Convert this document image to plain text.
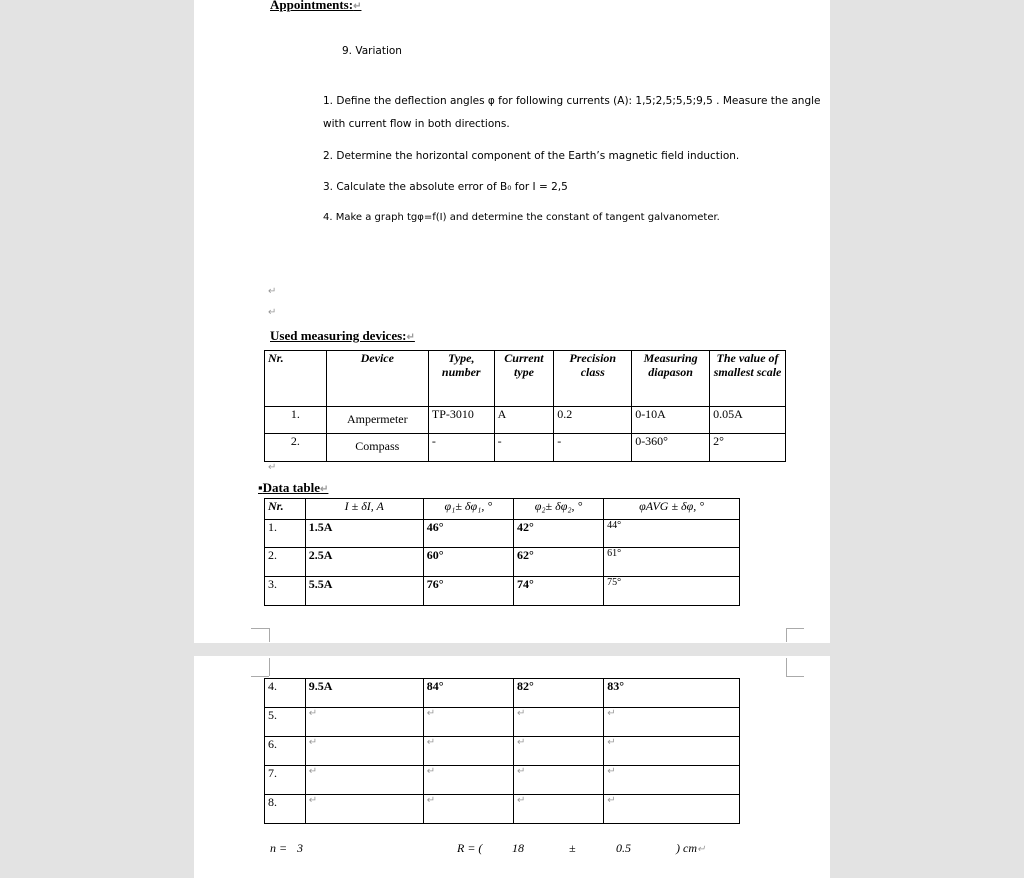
Appointments:↵
9. Variation
1. Define the deflection angles φ for following currents (A): 1,5;2,5;5,5;9,5 . Measure the angle
with current flow in both directions.
2. Determine the horizontal component of the Earth’s magnetic field induction.
3. Calculate the absolute error of B₀ for I = 2,5
4. Make a graph tgφ=f(I) and determine the constant of tangent galvanometer.
↵
↵
Used measuring devices:↵
Nr.	Device	Type, number	Current type	Precision class	Measuring diapason	The value of smallest scale
1.	Ampermeter	TP-3010	A	0.2	0-10A	0.05A
2.	Compass	-	-	-	0-360°	2°
↵
▪Data table↵
Nr.	I ± δI, A	φ₁± δφ₁, °	φ₂± δφ₂, °	φAVG ± δφ, °
1.	1.5A	46°	42°	44°
2.	2.5A	60°	62°	61°
3.	5.5A	76°	74°	75°
4.	9.5A	84°	82°	83°
5.	↵	↵	↵	↵
6.	↵	↵	↵	↵
7.	↵	↵	↵	↵
8.	↵	↵	↵	↵
n = 3	R = ( 18	±	0.5	) cm↵
